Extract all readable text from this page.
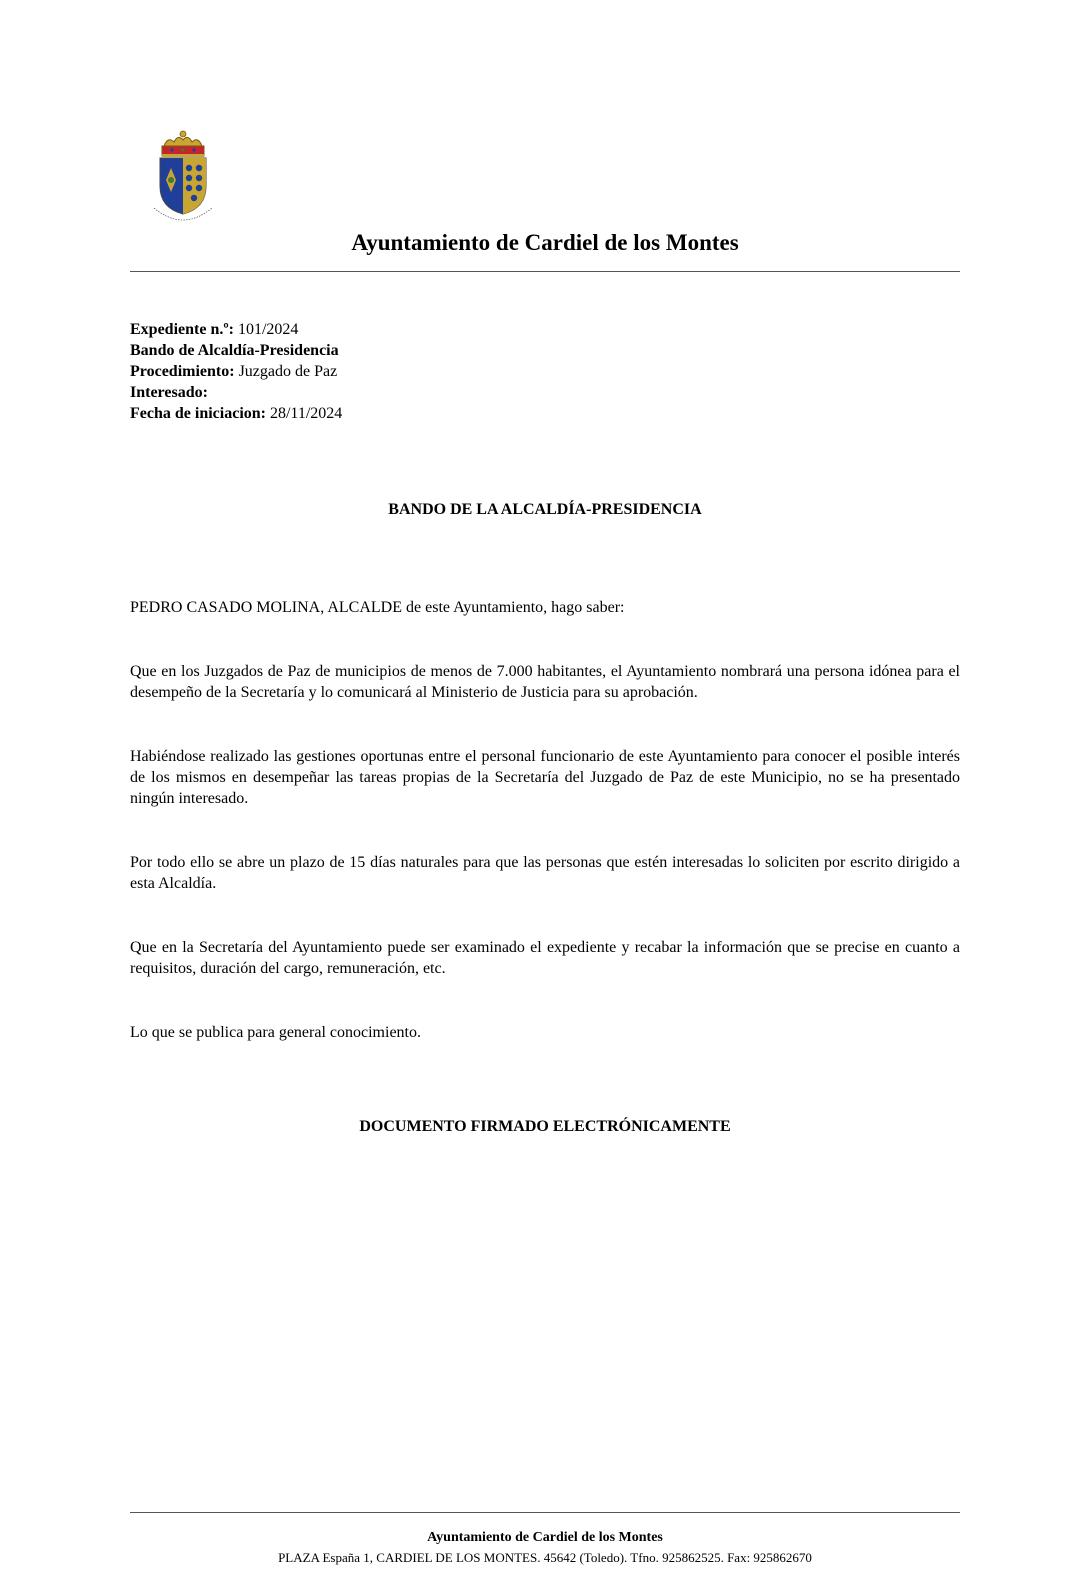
Ayuntamiento de Cardiel de los Montes
Expediente n.º: 101/2024
Bando de Alcaldía-Presidencia
Procedimiento: Juzgado de Paz
Interesado:
Fecha de iniciaciоn: 28/11/2024
BANDO DE LA ALCALDÍA-PRESIDENCIA
PEDRO CASADO MOLINA, ALCALDE de este Ayuntamiento, hago saber:
Que en los Juzgados de Paz de municipios de menos de 7.000 habitantes, el Ayuntamiento nombrará una persona idónea para el desempeño de la Secretaría y lo comunicará al Ministerio de Justicia para su aprobación.
Habiéndose realizado las gestiones oportunas entre el personal funcionario de este Ayuntamiento para conocer el posible interés de los mismos en desempeñar las tareas propias de la Secretaría del Juzgado de Paz de este Municipio, no se ha presentado ningún interesado.
Por todo ello se abre un plazo de 15 días naturales para que las personas que estén interesadas lo soliciten por escrito dirigido a esta Alcaldía.
Que en la Secretaría del Ayuntamiento puede ser examinado el expediente y recabar la información que se precise en cuanto a requisitos, duración del cargo, remuneración, etc.
Lo que se publica para general conocimiento.
DOCUMENTO FIRMADO ELECTRÓNICAMENTE
Ayuntamiento de Cardiel de los Montes
PLAZA España 1, CARDIEL DE LOS MONTES. 45642 (Toledo). Tfno. 925862525. Fax: 925862670
